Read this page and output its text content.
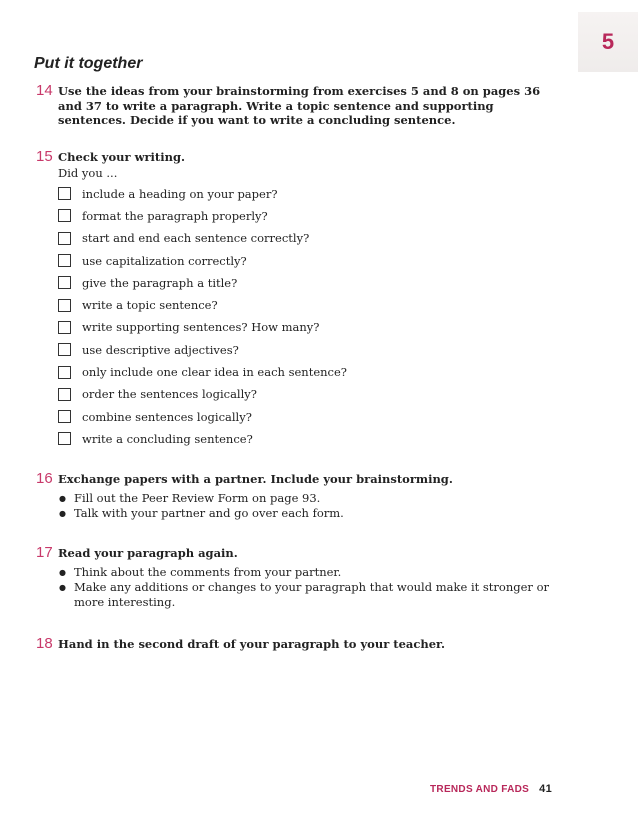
5
Put it together
14 Use the ideas from your brainstorming from exercises 5 and 8 on pages 36 and 37 to write a paragraph. Write a topic sentence and supporting sentences. Decide if you want to write a concluding sentence.
15 Check your writing.
Did you ...
include a heading on your paper?
format the paragraph properly?
start and end each sentence correctly?
use capitalization correctly?
give the paragraph a title?
write a topic sentence?
write supporting sentences? How many?
use descriptive adjectives?
only include one clear idea in each sentence?
order the sentences logically?
combine sentences logically?
write a concluding sentence?
16 Exchange papers with a partner. Include your brainstorming.
● Fill out the Peer Review Form on page 93.
● Talk with your partner and go over each form.
17 Read your paragraph again.
● Think about the comments from your partner.
● Make any additions or changes to your paragraph that would make it stronger or more interesting.
18 Hand in the second draft of your paragraph to your teacher.
TRENDS AND FADS 41
